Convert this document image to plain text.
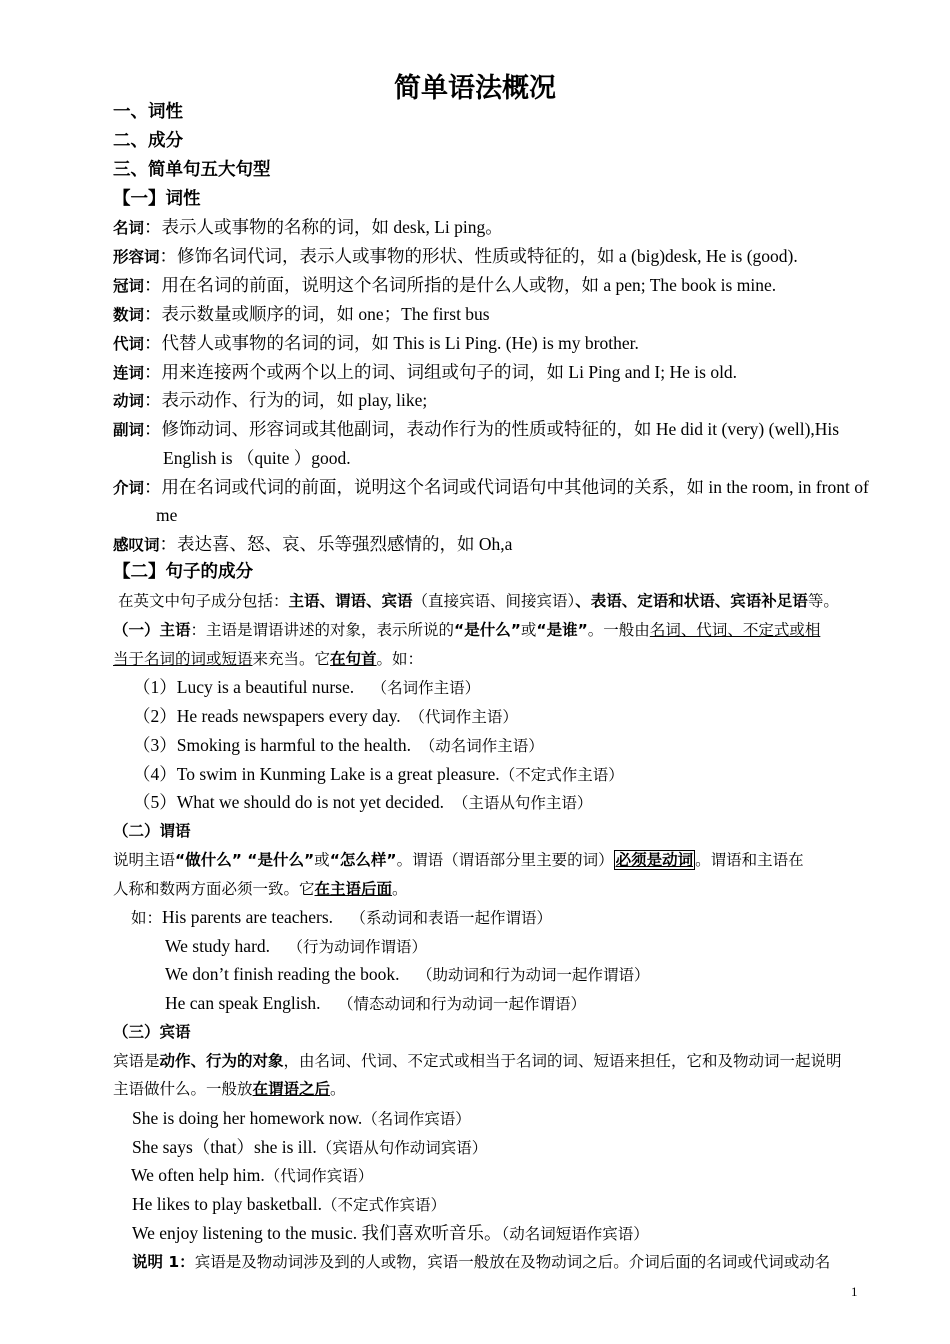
简单语法概况
一、词性
二、成分
三、简单句五大句型
【一】词性
名词：表示人或事物的名称的词，如 desk, Li ping。
形容词：修饰名词代词，表示人或事物的形状、性质或特征的，如 a (big)desk, He is (good).
冠词：用在名词的前面，说明这个名词所指的是什么人或物，如 a pen; The book is mine.
数词：表示数量或顺序的词，如 one；The first bus
代词：代替人或事物的名词的词，如 This is Li Ping. (He) is my brother.
连词：用来连接两个或两个以上的词、词组或句子的词，如 Li Ping and I; He is old.
动词：表示动作、行为的词，如 play, like;
副词：修饰动词、形容词或其他副词，表动作行为的性质或特征的，如 He did it (very) (well),His
English is （quite ）good.
介词：用在名词或代词的前面，说明这个名词或代词语句中其他词的关系，如 in the room, in front of
me
感叹词：表达喜、怒、哀、乐等强烈感情的，如 Oh,a
【二】句子的成分
在英文中句子成分包括：主语、谓语、宾语（直接宾语、间接宾语）、表语、定语和状语、宾语补足语等。
（一）主语：主语是谓语讲述的对象，表示所说的“是什么”或“是谁”。一般由名词、代词、不定式或相
当于名词的词或短语来充当。它在句首。如：
（1）Lucy is a beautiful nurse. （名词作主语）
（2）He reads newspapers every day. （代词作主语）
（3）Smoking is harmful to the health. （动名词作主语）
（4）To swim in Kunming Lake is a great pleasure.（不定式作主语）
（5）What we should do is not yet decided. （主语从句作主语）
（二）谓语
说明主语“做什么” “是什么”或“怎么样”。谓语（谓语部分里主要的词） 必须是动词 。谓语和主语在
人称和数两方面必须一致。它在主语后面。
如：His parents are teachers. （系动词和表语一起作谓语）
We study hard. （行为动词作谓语）
We don’t finish reading the book. （助动词和行为动词一起作谓语）
He can speak English. （情态动词和行为动词一起作谓语）
（三）宾语
宾语是动作、行为的对象，由名词、代词、不定式或相当于名词的词、短语来担任，它和及物动词一起说明
主语做什么。一般放在谓语之后。
She is doing her homework now.（名词作宾语）
She says（that）she is ill.（宾语从句作动词宾语）
We often help him.（代词作宾语）
He likes to play basketball.（不定式作宾语）
We enjoy listening to the music. 我们喜欢听音乐。（动名词短语作宾语）
说明 1：宾语是及物动词涉及到的人或物，宾语一般放在及物动词之后。介词后面的名词或代词或动名
1
